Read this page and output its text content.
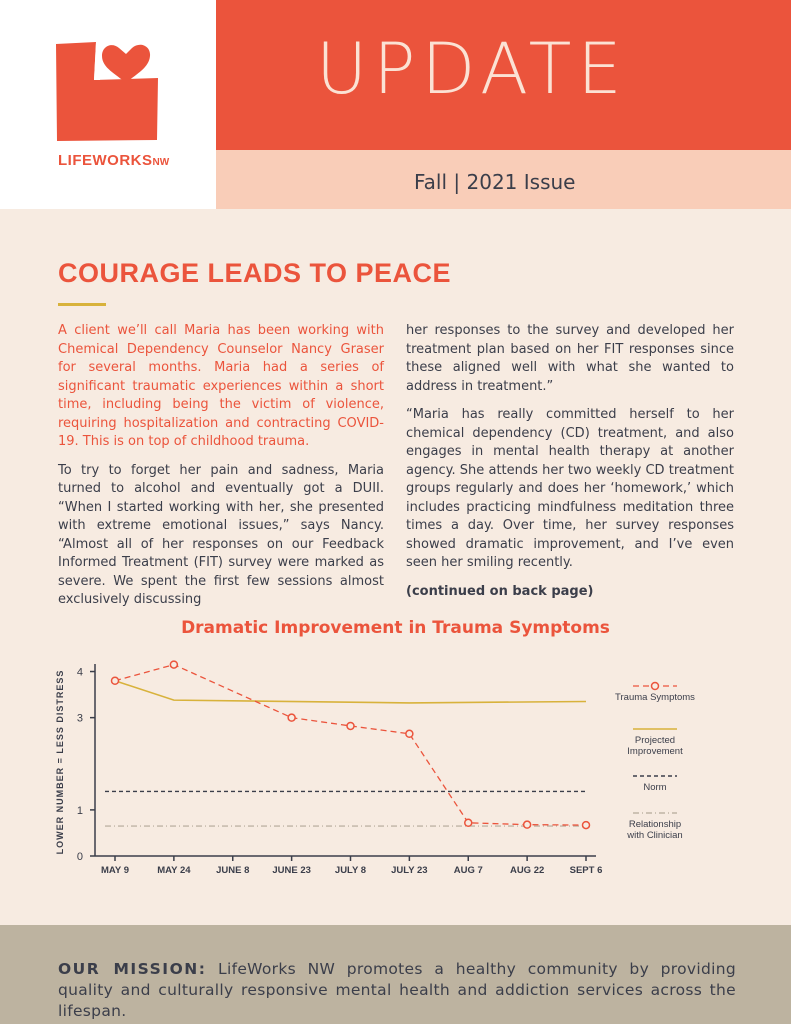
LIFEWORKSNW
UPDATE
Fall | 2021 Issue
COURAGE LEADS TO PEACE

A client we’ll call Maria has been working with Chemical Dependency Counselor Nancy Graser for several months. Maria had a series of significant traumatic experiences within a short time, including being the victim of violence, requiring hospitalization and contracting COVID-19. This is on top of childhood trauma.

To try to forget her pain and sadness, Maria turned to alcohol and eventually got a DUII. “When I started working with her, she presented with extreme emotional issues,” says Nancy. “Almost all of her responses on our Feedback Informed Treatment (FIT) survey were marked as severe. We spent the first few sessions almost exclusively discussing

her responses to the survey and developed her treatment plan based on her FIT responses since these aligned well with what she wanted to address in treatment.”

“Maria has really committed herself to her chemical dependency (CD) treatment, and also engages in mental health therapy at another agency. She attends her two weekly CD treatment groups regularly and does her ‘homework,’ which includes practicing mindfulness meditation three times a day. Over time, her survey responses showed dramatic improvement, and I’ve even seen her smiling recently.

(continued on back page)

Dramatic Improvement in Trauma Symptoms
LOWER NUMBER = LESS DISTRESS
0
1
3
4
MAY 9	MAY 24	JUNE 8 JUNE 23	JULY 8	JULY 23	AUG 7	AUG 22	SEPT 6
Trauma Symptoms
Projected
Improvement
Norm
Relationship
with Clinician
OUR MISSION: LifeWorks NW promotes a healthy community by providing quality and culturally responsive mental health and addiction services across the lifespan.
